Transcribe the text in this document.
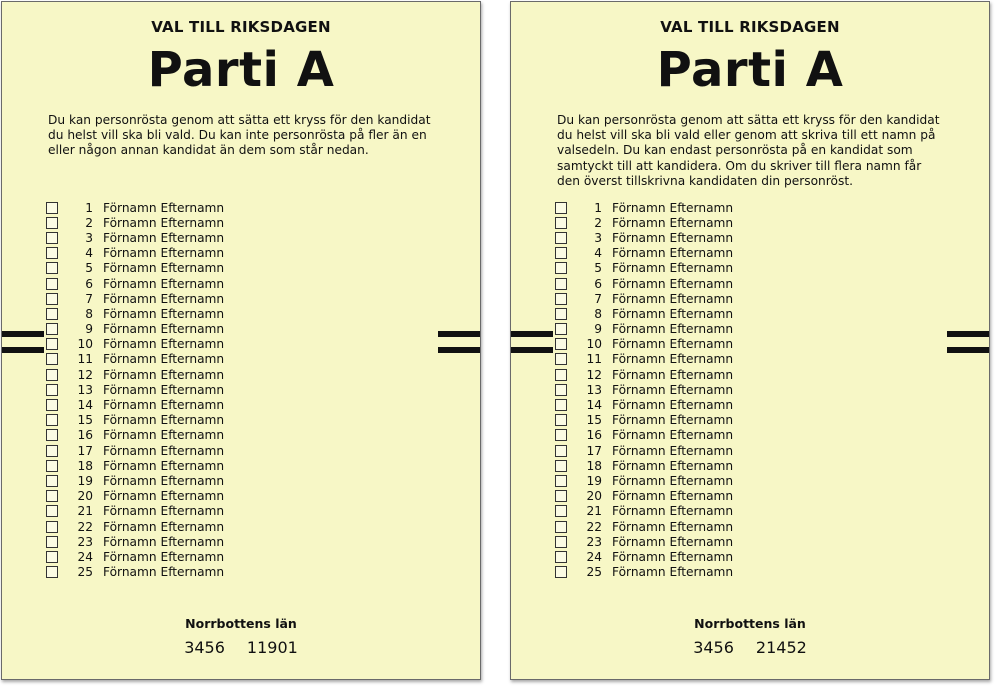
VAL TILL RIKSDAGEN
Parti A
Du kan personrösta genom att sätta ett kryss för den kandidat du helst vill ska bli vald. Du kan inte personrösta på fler än en eller någon annan kandidat än dem som står nedan.
1 Förnamn Efternamn
2 Förnamn Efternamn
3 Förnamn Efternamn
4 Förnamn Efternamn
5 Förnamn Efternamn
6 Förnamn Efternamn
7 Förnamn Efternamn
8 Förnamn Efternamn
9 Förnamn Efternamn
10 Förnamn Efternamn
11 Förnamn Efternamn
12 Förnamn Efternamn
13 Förnamn Efternamn
14 Förnamn Efternamn
15 Förnamn Efternamn
16 Förnamn Efternamn
17 Förnamn Efternamn
18 Förnamn Efternamn
19 Förnamn Efternamn
20 Förnamn Efternamn
21 Förnamn Efternamn
22 Förnamn Efternamn
23 Förnamn Efternamn
24 Förnamn Efternamn
25 Förnamn Efternamn
Norrbottens län
3456 11901
VAL TILL RIKSDAGEN
Parti A
Du kan personrösta genom att sätta ett kryss för den kandidat du helst vill ska bli vald eller genom att skriva till ett namn på valsedeln. Du kan endast personrösta på en kandidat som samtyckt till att kandidera. Om du skriver till flera namn får den överst tillskrivna kandidaten din personröst.
1 Förnamn Efternamn
2 Förnamn Efternamn
3 Förnamn Efternamn
4 Förnamn Efternamn
5 Förnamn Efternamn
6 Förnamn Efternamn
7 Förnamn Efternamn
8 Förnamn Efternamn
9 Förnamn Efternamn
10 Förnamn Efternamn
11 Förnamn Efternamn
12 Förnamn Efternamn
13 Förnamn Efternamn
14 Förnamn Efternamn
15 Förnamn Efternamn
16 Förnamn Efternamn
17 Förnamn Efternamn
18 Förnamn Efternamn
19 Förnamn Efternamn
20 Förnamn Efternamn
21 Förnamn Efternamn
22 Förnamn Efternamn
23 Förnamn Efternamn
24 Förnamn Efternamn
25 Förnamn Efternamn
Norrbottens län
3456 21452
